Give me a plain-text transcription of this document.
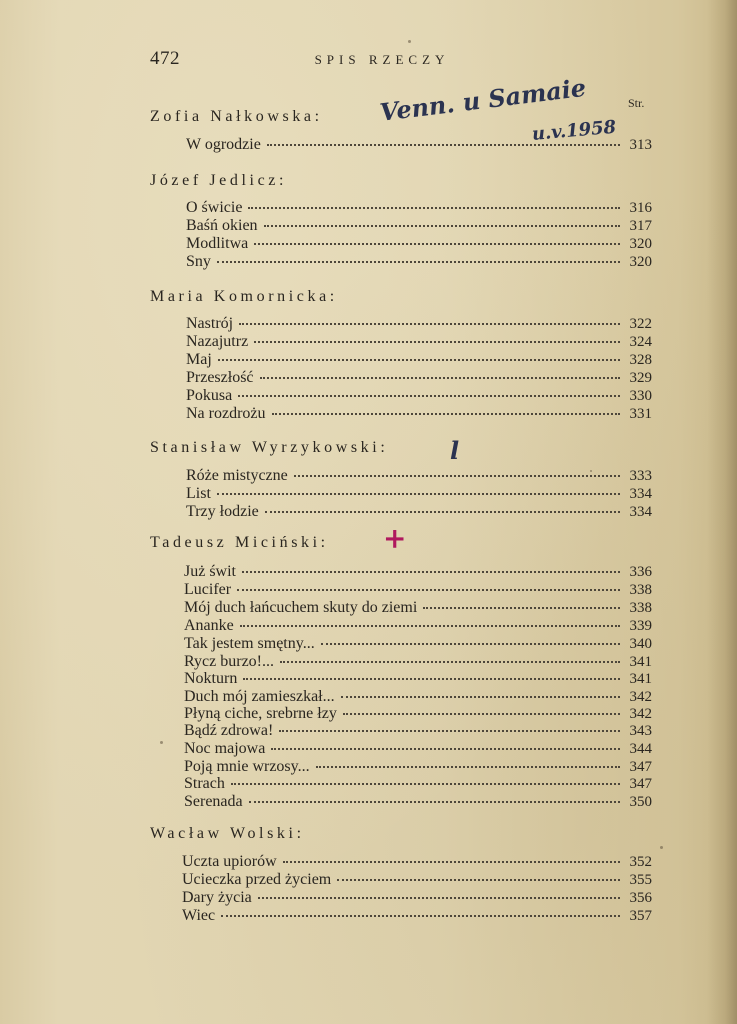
472	SPIS RZECZY
Str.
Zofia Nałkowska:
W ogrodzie	313
Józef Jedlicz:
O świcie	316
Baśń okien	317
Modlitwa	320
Sny	320
Maria Komornicka:
Nastrój	322
Nazajutrz	324
Maj	328
Przeszłość	329
Pokusa	330
Na rozdrożu	331
Stanisław Wyrzykowski:
Róże mistyczne	333
List	334
Trzy łodzie	334
Tadeusz Miciński:
Już świt	336
Lucifer	338
Mój duch łańcuchem skuty do ziemi	338
Ananke	339
Tak jestem smętny...	340
Rycz burzo!...	341
Nokturn	341
Duch mój zamieszkał...	342
Płyną ciche, srebrne łzy	342
Bądź zdrowa!	343
Noc majowa	344
Poją mnie wrzosy...	347
Strach	347
Serenada	350
Wacław Wolski:
Uczta upiorów	352
Ucieczka przed życiem	355
Dary życia	356
Wiec	357
Venn. u Samaie
u.v.1958
l
+
